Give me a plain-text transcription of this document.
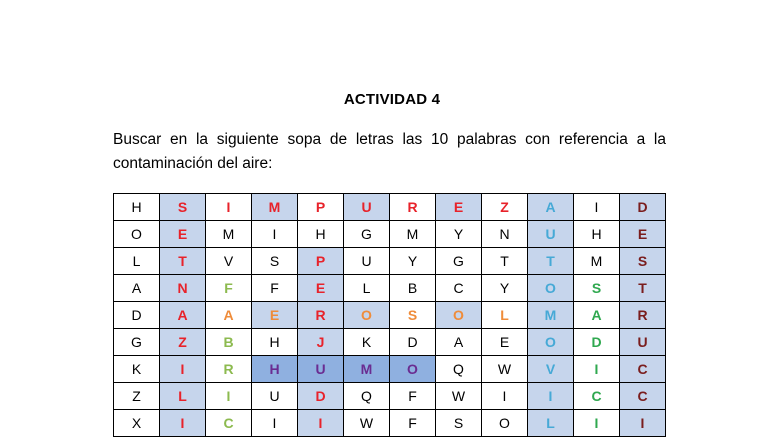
ACTIVIDAD 4
Buscar en la siguiente sopa de letras las 10 palabras con referencia a la contaminación del aire:
H	S	I	M	P	U	R	E	Z	A	I	D
O	E	M	I	H	G	M	Y	N	U	H	E
L	T	V	S	P	U	Y	G	T	T	M	S
A	N	F	F	E	L	B	C	Y	O	S	T
D	A	A	E	R	O	S	O	L	M	A	R
G	Z	B	H	J	K	D	A	E	O	D	U
K	I	R	H	U	M	O	Q	W	V	I	C
Z	L	I	U	D	Q	F	W	I	I	C	C
X	I	C	I	I	W	F	S	O	L	I	I
